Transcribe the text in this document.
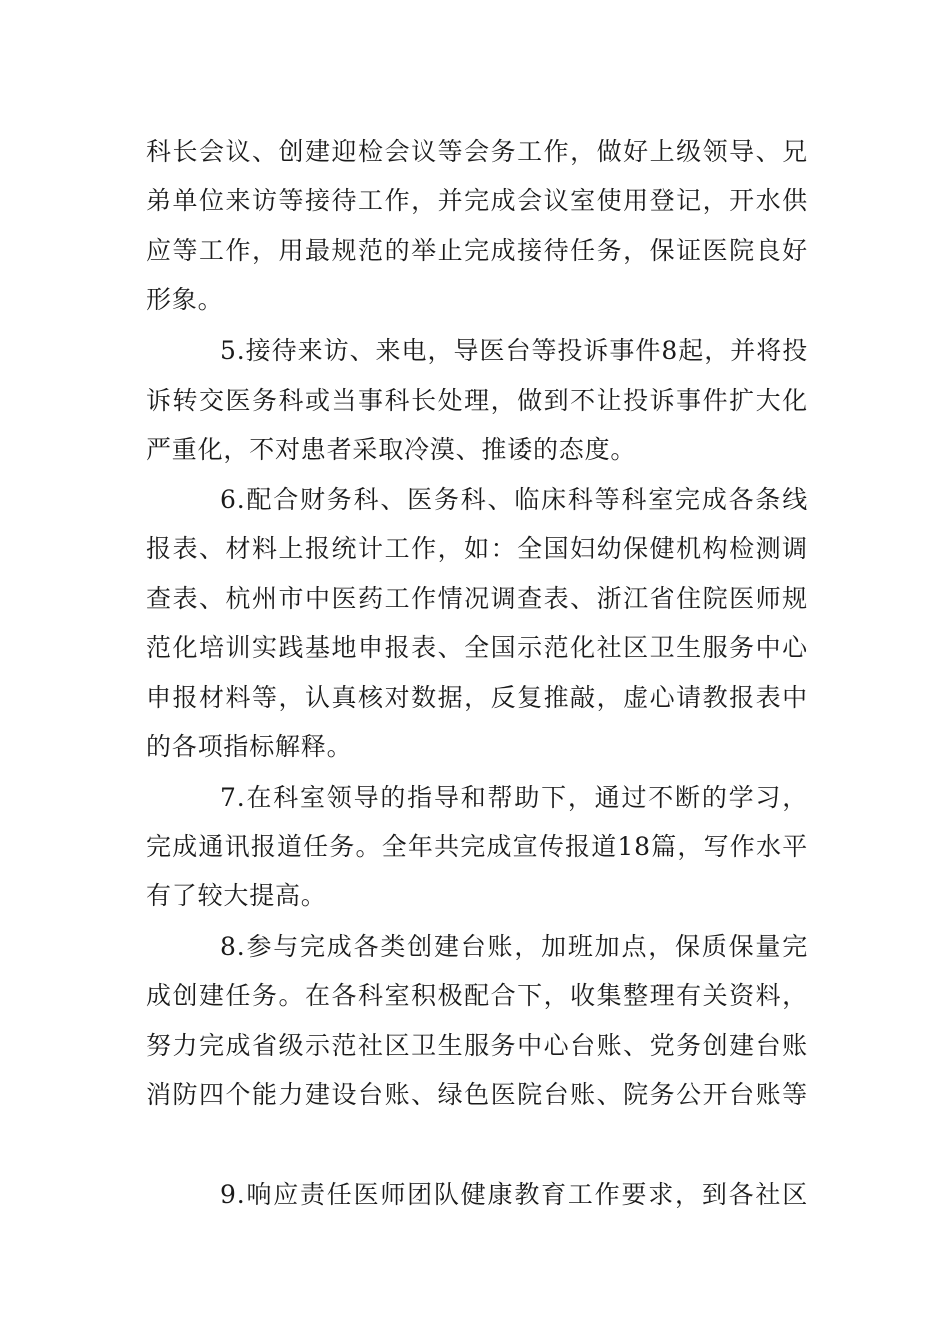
科长会议、创建迎检会议等会务工作，做好上级领导、兄
弟单位来访等接待工作，并完成会议室使用登记，开水供
应等工作，用最规范的举止完成接待任务，保证医院良好
形象。
5.接待来访、来电，导医台等投诉事件8起，并将投
诉转交医务科或当事科长处理，做到不让投诉事件扩大化
严重化，不对患者采取冷漠、推诿的态度。
6.配合财务科、医务科、临床科等科室完成各条线
报表、材料上报统计工作，如：全国妇幼保健机构检测调
查表、杭州市中医药工作情况调查表、浙江省住院医师规
范化培训实践基地申报表、全国示范化社区卫生服务中心
申报材料等，认真核对数据，反复推敲，虚心请教报表中
的各项指标解释。
7.在科室领导的指导和帮助下，通过不断的学习，
完成通讯报道任务。全年共完成宣传报道18篇，写作水平
有了较大提高。
8.参与完成各类创建台账，加班加点，保质保量完
成创建任务。在各科室积极配合下，收集整理有关资料，
努力完成省级示范社区卫生服务中心台账、党务创建台账
消防四个能力建设台账、绿色医院台账、院务公开台账等
9.响应责任医师团队健康教育工作要求，到各社区
